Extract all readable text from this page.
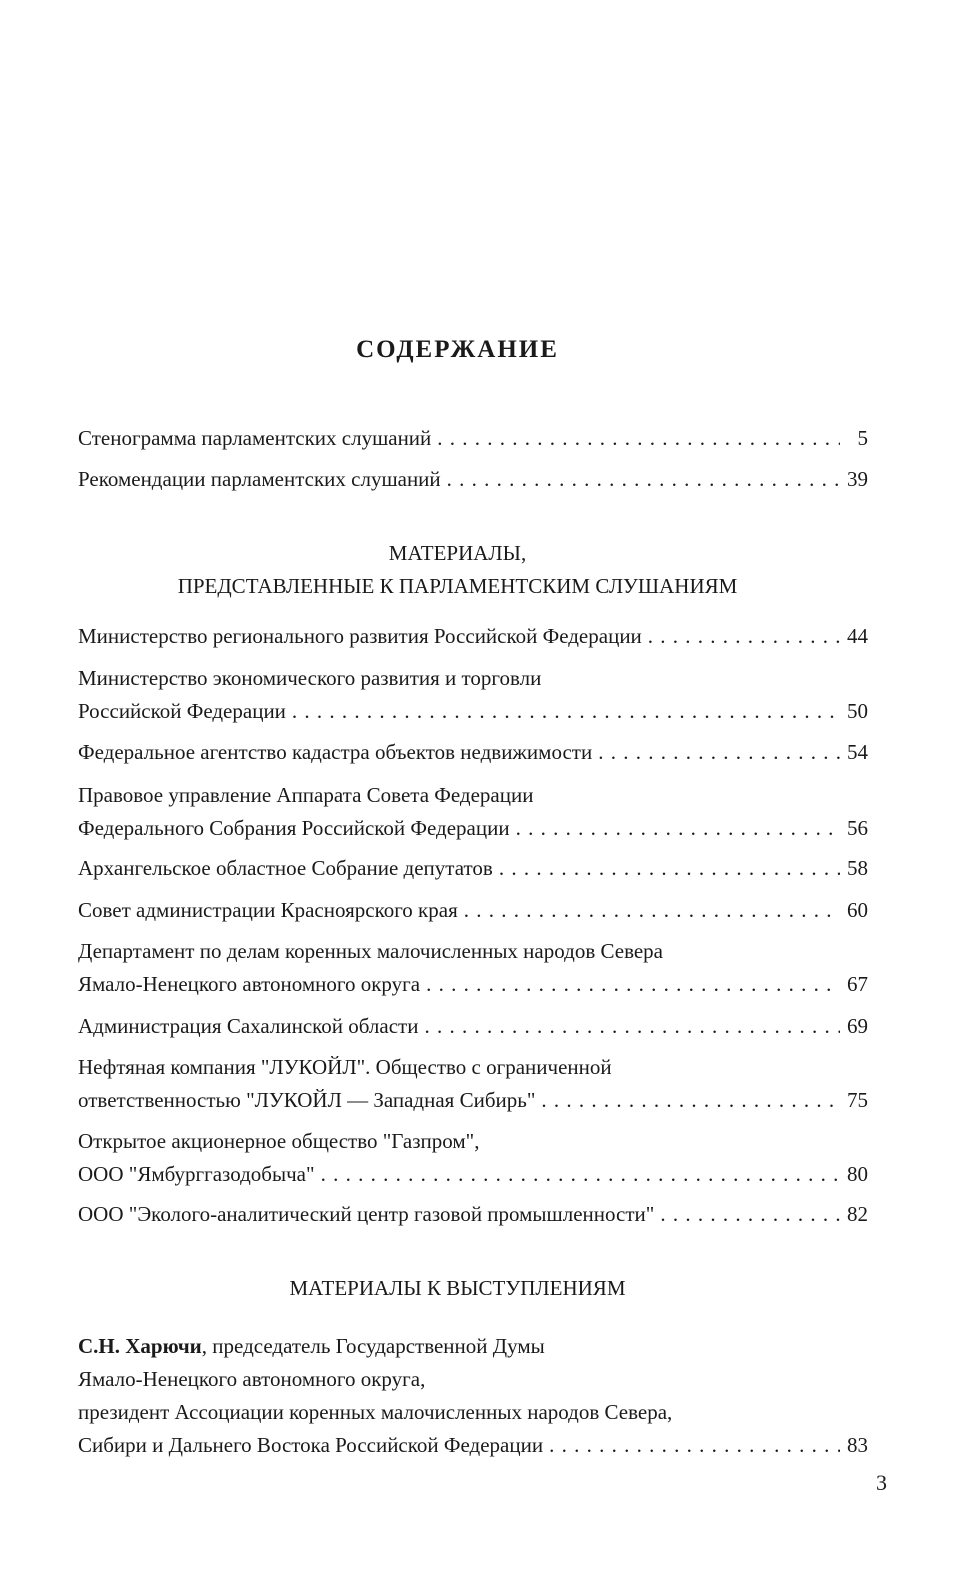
СОДЕРЖАНИЕ
Стенограмма парламентских слушаний . . .	5
Рекомендации парламентских слушаний . . .	39
МАТЕРИАЛЫ,
ПРЕДСТАВЛЕННЫЕ К ПАРЛАМЕНТСКИМ СЛУШАНИЯМ
Министерство регионального развития Российской Федерации . . .	44
Министерство экономического развития и торговли
Российской Федерации . . .	50
Федеральное агентство кадастра объектов недвижимости . . .	54
Правовое управление Аппарата Совета Федерации
Федерального Собрания Российской Федерации . . .	56
Архангельское областное Собрание депутатов . . .	58
Совет администрации Красноярского края . . .	60
Департамент по делам коренных малочисленных народов Севера
Ямало-Ненецкого автономного округа . . .	67
Администрация Сахалинской области . . .	69
Нефтяная компания "ЛУКОЙЛ". Общество с ограниченной
ответственностью "ЛУКОЙЛ — Западная Сибирь" . . .	75
Открытое акционерное общество "Газпром",
ООО "Ямбурггазодобыча" . . .	80
ООО "Эколого-аналитический центр газовой промышленности" . . .	82
МАТЕРИАЛЫ К ВЫСТУПЛЕНИЯМ
С.Н. Харючи, председатель Государственной Думы
Ямало-Ненецкого автономного округа,
президент Ассоциации коренных малочисленных народов Севера,
Сибири и Дальнего Востока Российской Федерации . . .	83
3
